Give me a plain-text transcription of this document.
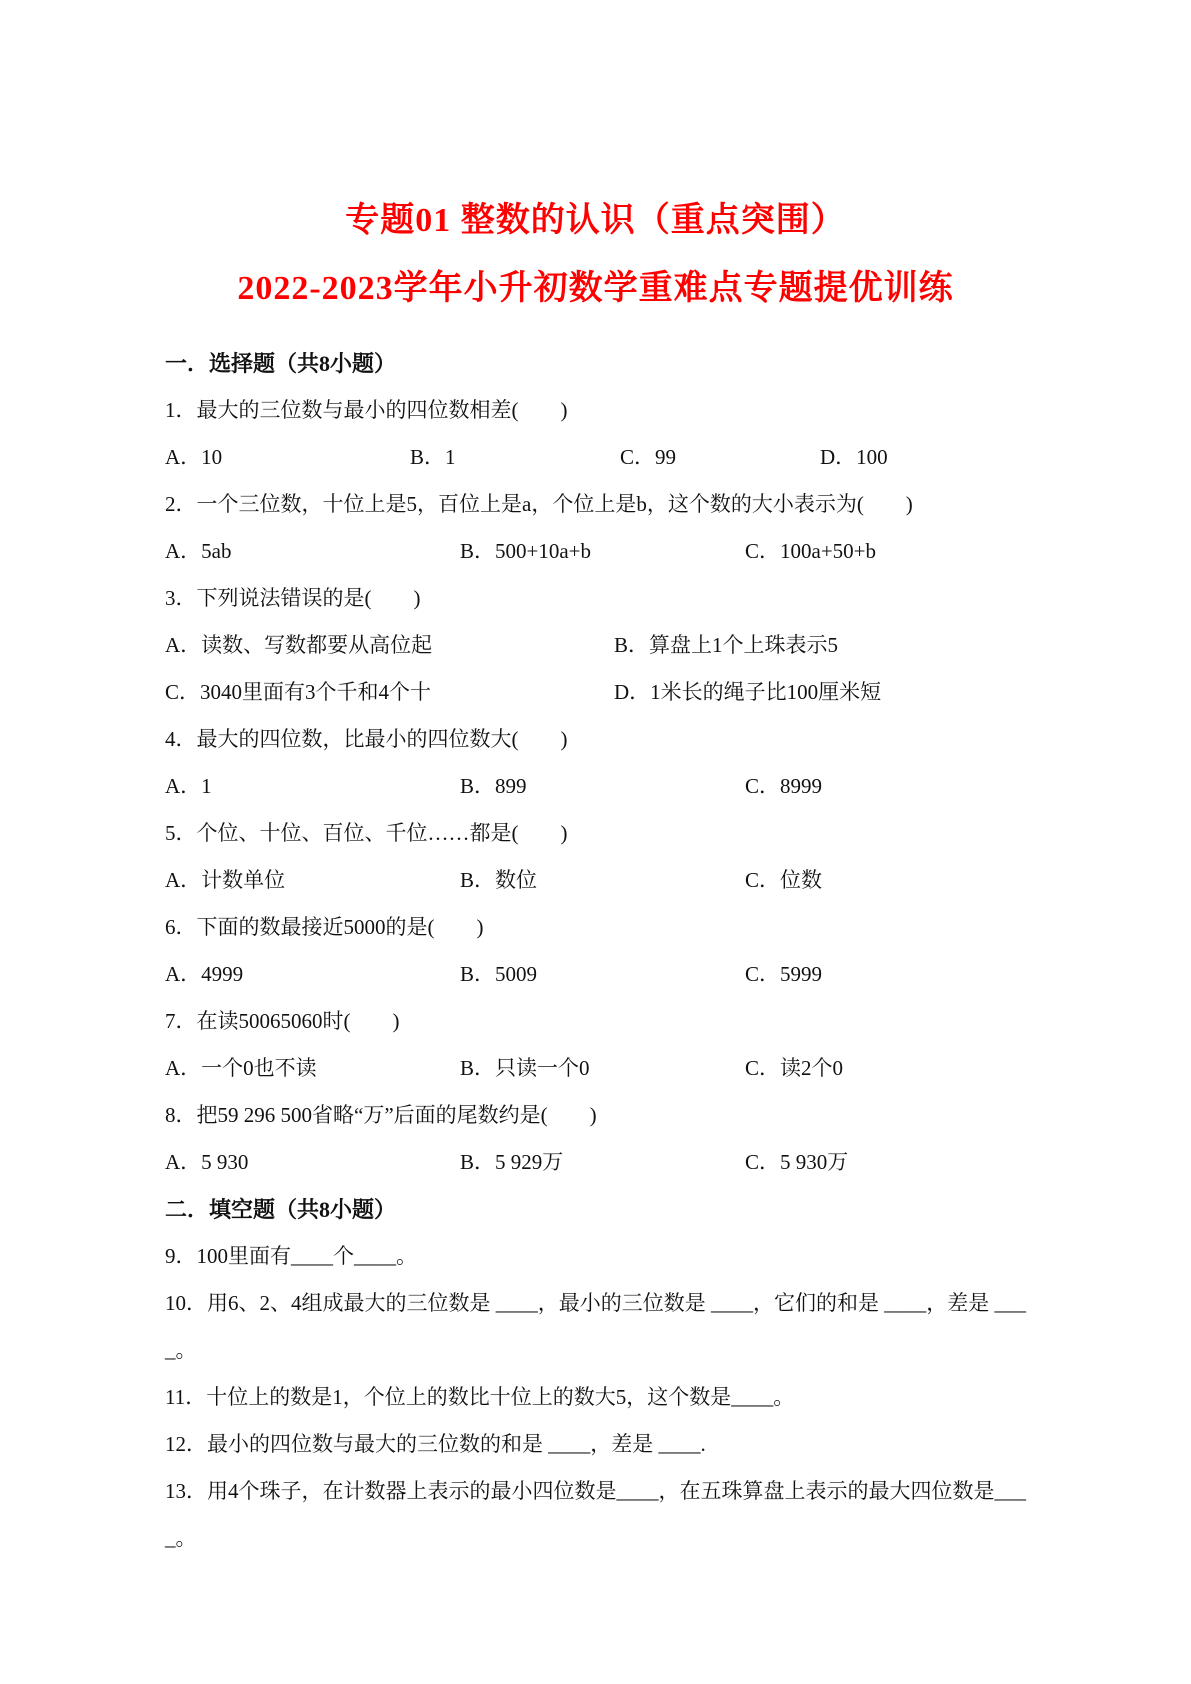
专题01 整数的认识（重点突围）
2022-2023学年小升初数学重难点专题提优训练
一．选择题（共8小题）
1．最大的三位数与最小的四位数相差(　　)
A．10	B．1	C．99	D．100
2．一个三位数，十位上是5，百位上是a，个位上是b，这个数的大小表示为(　　)
A．5ab	B．500+10a+b	C．100a+50+b
3．下列说法错误的是(　　)
A．读数、写数都要从高位起	B．算盘上1个上珠表示5
C．3040里面有3个千和4个十	D．1米长的绳子比100厘米短
4．最大的四位数，比最小的四位数大(　　)
A．1	B．899	C．8999
5．个位、十位、百位、千位……都是(　　)
A．计数单位	B．数位	C．位数
6．下面的数最接近5000的是(　　)
A．4999	B．5009	C．5999
7．在读50065060时(　　)
A．一个0也不读	B．只读一个0	C．读2个0
8．把59 296 500省略“万”后面的尾数约是(　　)
A．5 930	B．5 929万	C．5 930万
二．填空题（共8小题）
9．100里面有____个____。
10．用6、2、4组成最大的三位数是 ____，最小的三位数是 ____，它们的和是 ____，差是 ____。
11．十位上的数是1，个位上的数比十位上的数大5，这个数是____。
12．最小的四位数与最大的三位数的和是 ____，差是 ____.
13．用4个珠子，在计数器上表示的最小四位数是____，在五珠算盘上表示的最大四位数是____。
